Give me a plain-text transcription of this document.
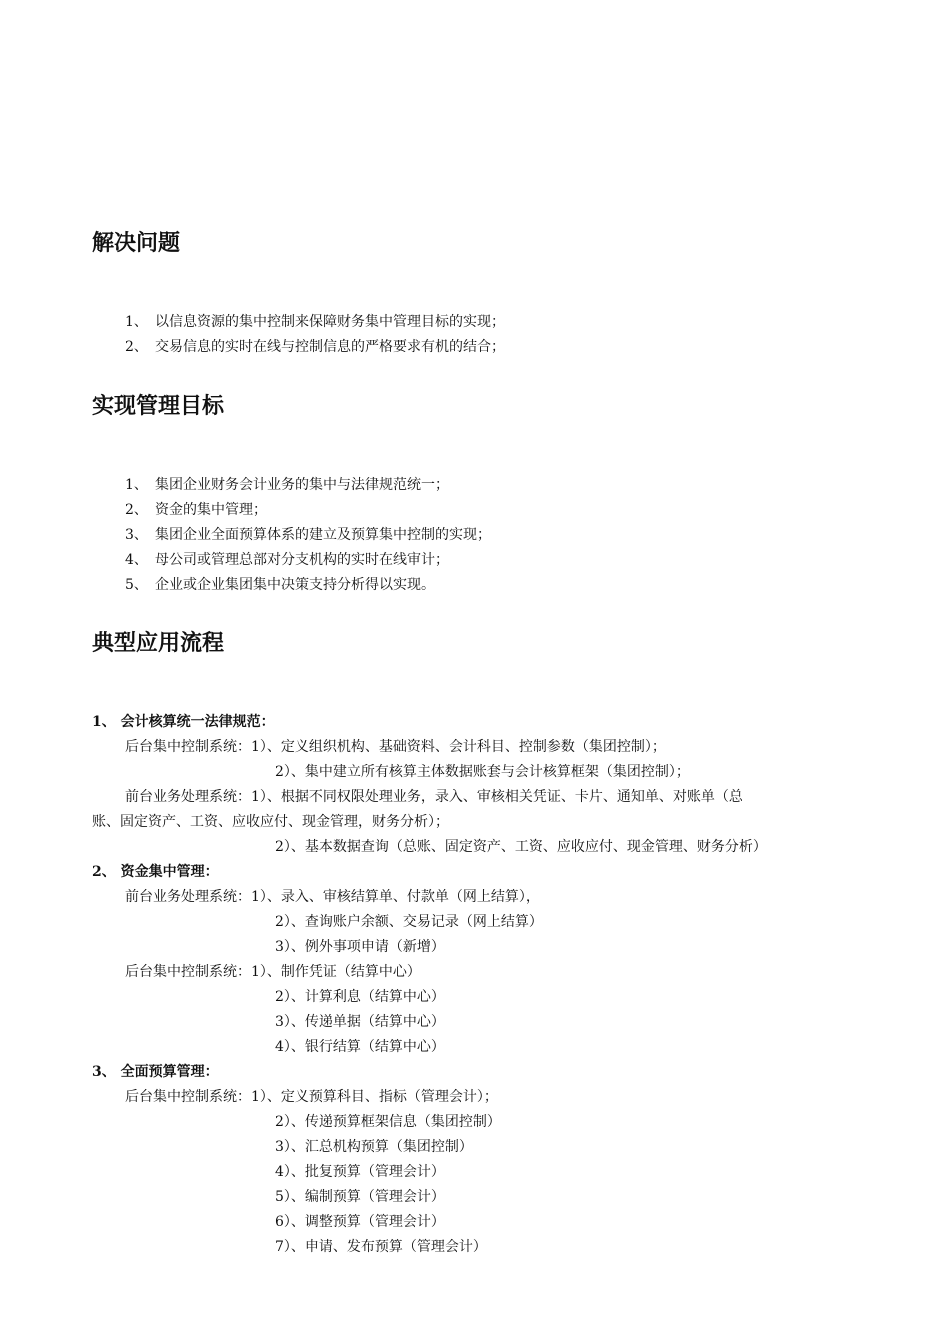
解决问题

1、 以信息资源的集中控制来保障财务集中管理目标的实现；

2、 交易信息的实时在线与控制信息的严格要求有机的结合；

实现管理目标

1、 集团企业财务会计业务的集中与法律规范统一；

2、 资金的集中管理；

3、 集团企业全面预算体系的建立及预算集中控制的实现；

4、 母公司或管理总部对分支机构的实时在线审计；

5、 企业或企业集团集中决策支持分析得以实现。

典型应用流程

1、 会计核算统一法律规范：

后台集中控制系统：1）、定义组织机构、基础资料、会计科目、控制参数（集团控制）；

2）、集中建立所有核算主体数据账套与会计核算框架（集团控制）；

前台业务处理系统：1）、根据不同权限处理业务，录入、审核相关凭证、卡片、通知单、对账单（总

账、固定资产、工资、应收应付、现金管理，财务分析）；

2）、基本数据查询（总账、固定资产、工资、应收应付、现金管理、财务分析）

2、 资金集中管理：

前台业务处理系统：1）、录入、审核结算单、付款单（网上结算），

2）、查询账户余额、交易记录（网上结算）

3）、例外事项申请（新增）

后台集中控制系统：1）、制作凭证（结算中心）

2）、计算利息（结算中心）

3）、传递单据（结算中心）

4）、银行结算（结算中心）

3、 全面预算管理：

后台集中控制系统：1）、定义预算科目、指标（管理会计）；

2）、传递预算框架信息（集团控制）

3）、汇总机构预算（集团控制）

4）、批复预算（管理会计）

5）、编制预算（管理会计）

6）、调整预算（管理会计）

7）、申请、发布预算（管理会计）
